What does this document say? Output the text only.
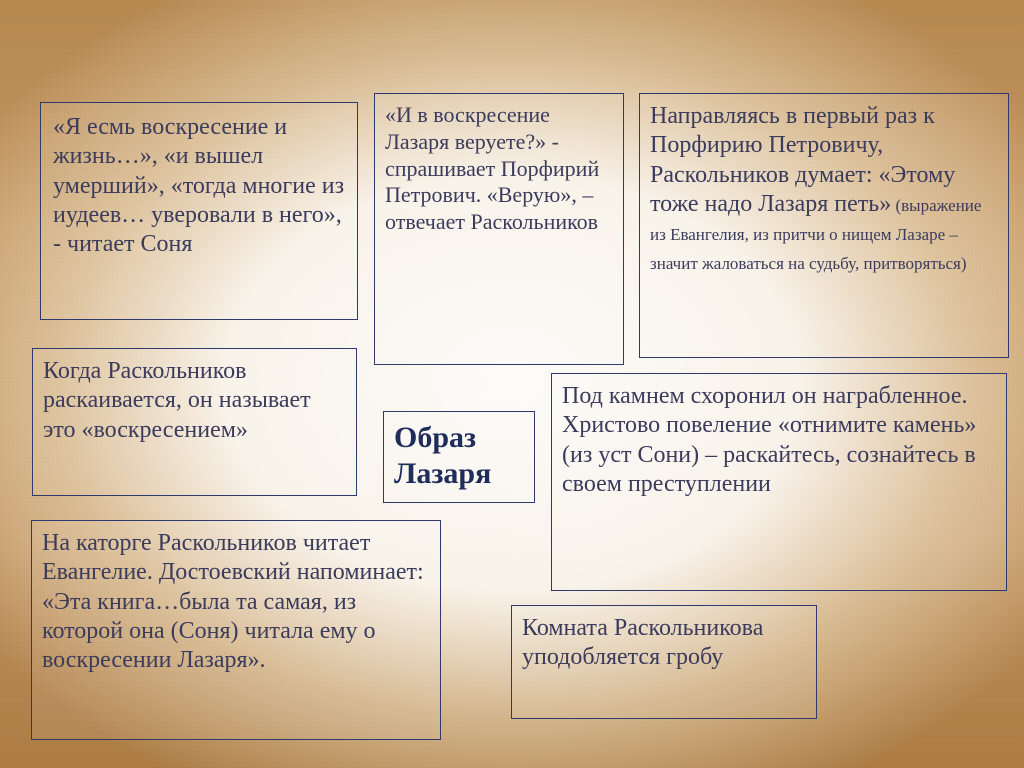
«Я есмь воскресение и жизнь…», «и вышел умерший», «тогда многие из иудеев… уверовали в него», - читает Соня

«И в воскресение Лазаря веруете?» - спрашивает Порфирий Петрович. «Верую», – отвечает Раскольников

Направляясь в первый раз к Порфирию Петровичу, Раскольников думает: «Этому тоже надо Лазаря петь» (выражение из Евангелия, из притчи о нищем Лазаре – значит жаловаться на судьбу, притворяться)

Когда Раскольников раскаивается, он называет это «воскресением»	Образ Лазаря

Под камнем схоронил он награбленное. Христово повеление «отнимите камень» (из уст Сони) – раскайтесь, сознайтесь в своем преступлении

На каторге Раскольников читает Евангелие. Достоевский напоминает: «Эта книга…была та самая, из которой она (Соня) читала ему о воскресении Лазаря».

Комната Раскольникова уподобляется гробу
